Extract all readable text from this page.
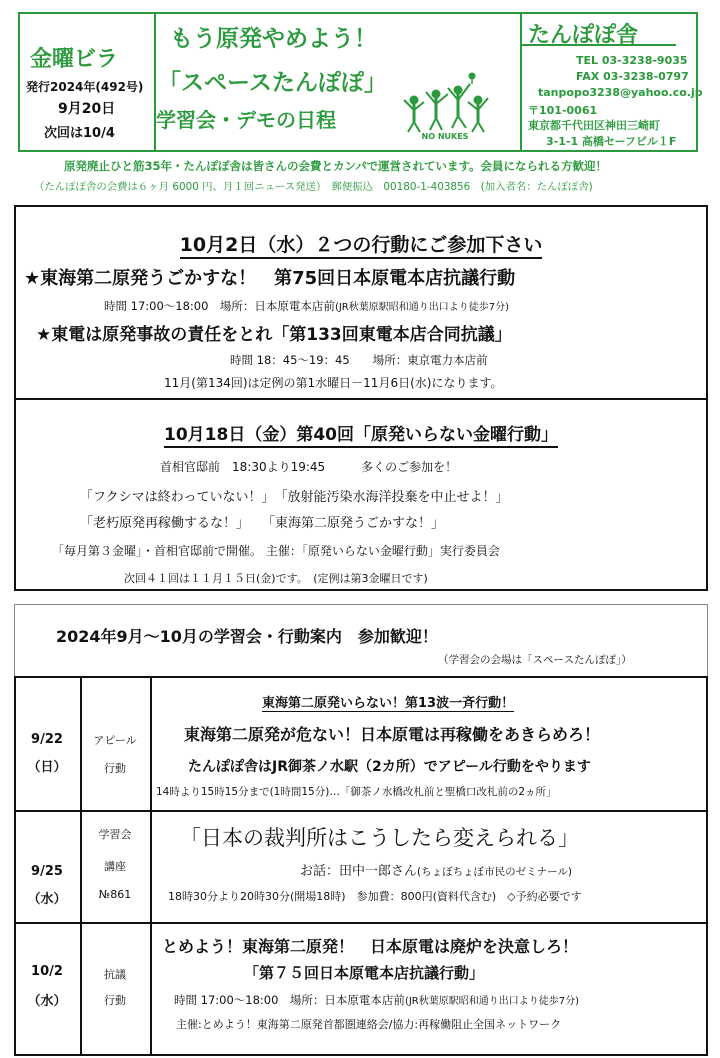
金曜ビラ
発行2024年(492号)
9月20日
次回は10/4
もう原発やめよう！
「スペースたんぽぽ」
学習会・デモの日程
NO NUKES
たんぽぽ舎
TEL 03-3238-9035
FAX 03-3238-0797
tanpopo3238@yahoo.co.jp
〒101-0061
東京都千代田区神田三崎町
3-1-1 高橋セーフビル１F
原発廃止ひと筋35年・たんぽぽ舎は皆さんの会費とカンパで運営されています。会員になられる方歓迎！
（たんぽぽ舎の会費は６ヶ月 6000 円、月１回ニュース発送）　郵便振込　00180-1-403856　(加入者名：たんぽぽ舎)
10月2日（水）２つの行動にご参加下さい
★東海第二原発うごかすな！　第75回日本原電本店抗議行動
時間 17:00～18:00　場所：日本原電本店前(JR秋葉原駅昭和通り出口より徒歩7分)
★東電は原発事故の責任をとれ「第133回東電本店合同抗議」
時間 18：45～19：45　　場所：東京電力本店前
11月(第134回)は定例の第1水曜日－11月6日(水)になります。
10月18日（金）第40回「原発いらない金曜行動」
首相官邸前　18:30より19:45　　　多くのご参加を！
「フクシマは終わっていない！」　「放射能汚染水海洋投棄を中止せよ！」
「老朽原発再稼働するな！」　　「東海第二原発うごかすな！」
「毎月第３金曜」・首相官邸前で開催。 主催：「原発いらない金曜行動」実行委員会
次回４１回は１１月１５日(金)です。　(定例は第3金曜日です)
2024年9月～10月の学習会・行動案内　参加歓迎！
（学習会の会場は「スペースたんぽぽ」）
9/22
（日）
アピール
行動
東海第二原発いらない！第13波一斉行動！
東海第二原発が危ない！日本原電は再稼働をあきらめろ！
たんぽぽ舎はJR御茶ノ水駅（2カ所）でアピール行動をやります
14時より15時15分まで(1時間15分)…「御茶ノ水橋改札前と聖橋口改札前の2ヵ所」
9/25
（水）
学習会
講座
№861
「日本の裁判所はこうしたら変えられる」
お話：田中一郎さん(ちょぼちょぼ市民のゼミナール)
18時30分より20時30分(開場18時)　参加費：800円(資料代含む)　◇予約必要です
10/2
（水）
抗議
行動
とめよう！東海第二原発！　日本原電は廃炉を決意しろ！
「第７５回日本原電本店抗議行動」
時間 17:00～18:00　場所：日本原電本店前(JR秋葉原駅昭和通り出口より徒歩7分)
主催:とめよう！東海第二原発首都圏連絡会/協力:再稼働阻止全国ネットワーク
